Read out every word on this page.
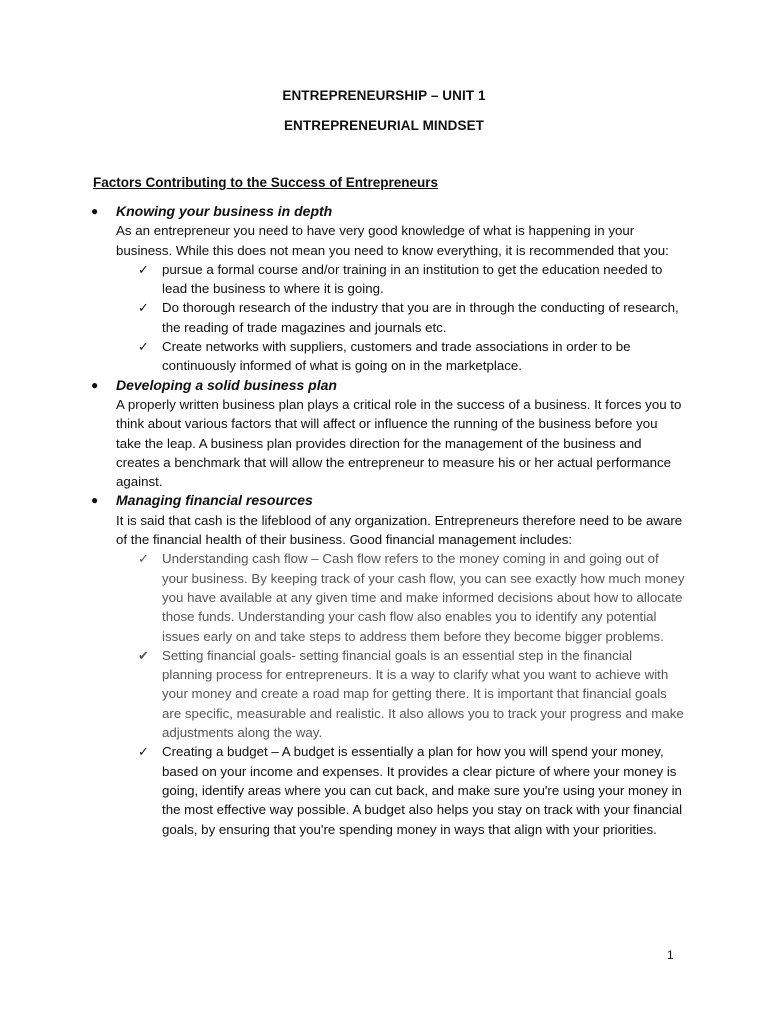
ENTREPRENEURSHIP – UNIT 1
ENTREPRENEURIAL MINDSET
Factors Contributing to the Success of Entrepreneurs
● Knowing your business in depth

As an entrepreneur you need to have very good knowledge of what is happening in your business. While this does not mean you need to know everything, it is recommended that you:

✓ pursue a formal course and/or training in an institution to get the education needed to lead the business to where it is going.
✓ Do thorough research of the industry that you are in through the conducting of research, the reading of trade magazines and journals etc.
✓ Create networks with suppliers, customers and trade associations in order to be continuously informed of what is going on in the marketplace.
● Developing a solid business plan

A properly written business plan plays a critical role in the success of a business. It forces you to think about various factors that will affect or influence the running of the business before you take the leap. A business plan provides direction for the management of the business and creates a benchmark that will allow the entrepreneur to measure his or her actual performance against.

● Managing financial resources

It is said that cash is the lifeblood of any organization. Entrepreneurs therefore need to be aware of the financial health of their business. Good financial management includes:

✓ Understanding cash flow – Cash flow refers to the money coming in and going out of your business. By keeping track of your cash flow, you can see exactly how much money you have available at any given time and make informed decisions about how to allocate those funds. Understanding your cash flow also enables you to identify any potential issues early on and take steps to address them before they become bigger problems.
✔ Setting financial goals- setting financial goals is an essential step in the financial planning process for entrepreneurs. It is a way to clarify what you want to achieve with your money and create a road map for getting there. It is important that financial goals are specific, measurable and realistic. It also allows you to track your progress and make adjustments along the way.
✓ Creating a budget – A budget is essentially a plan for how you will spend your money, based on your income and expenses. It provides a clear picture of where your money is going, identify areas where you can cut back, and make sure you're using your money in the most effective way possible. A budget also helps you stay on track with your financial goals, by ensuring that you're spending money in ways that align with your priorities.
1
